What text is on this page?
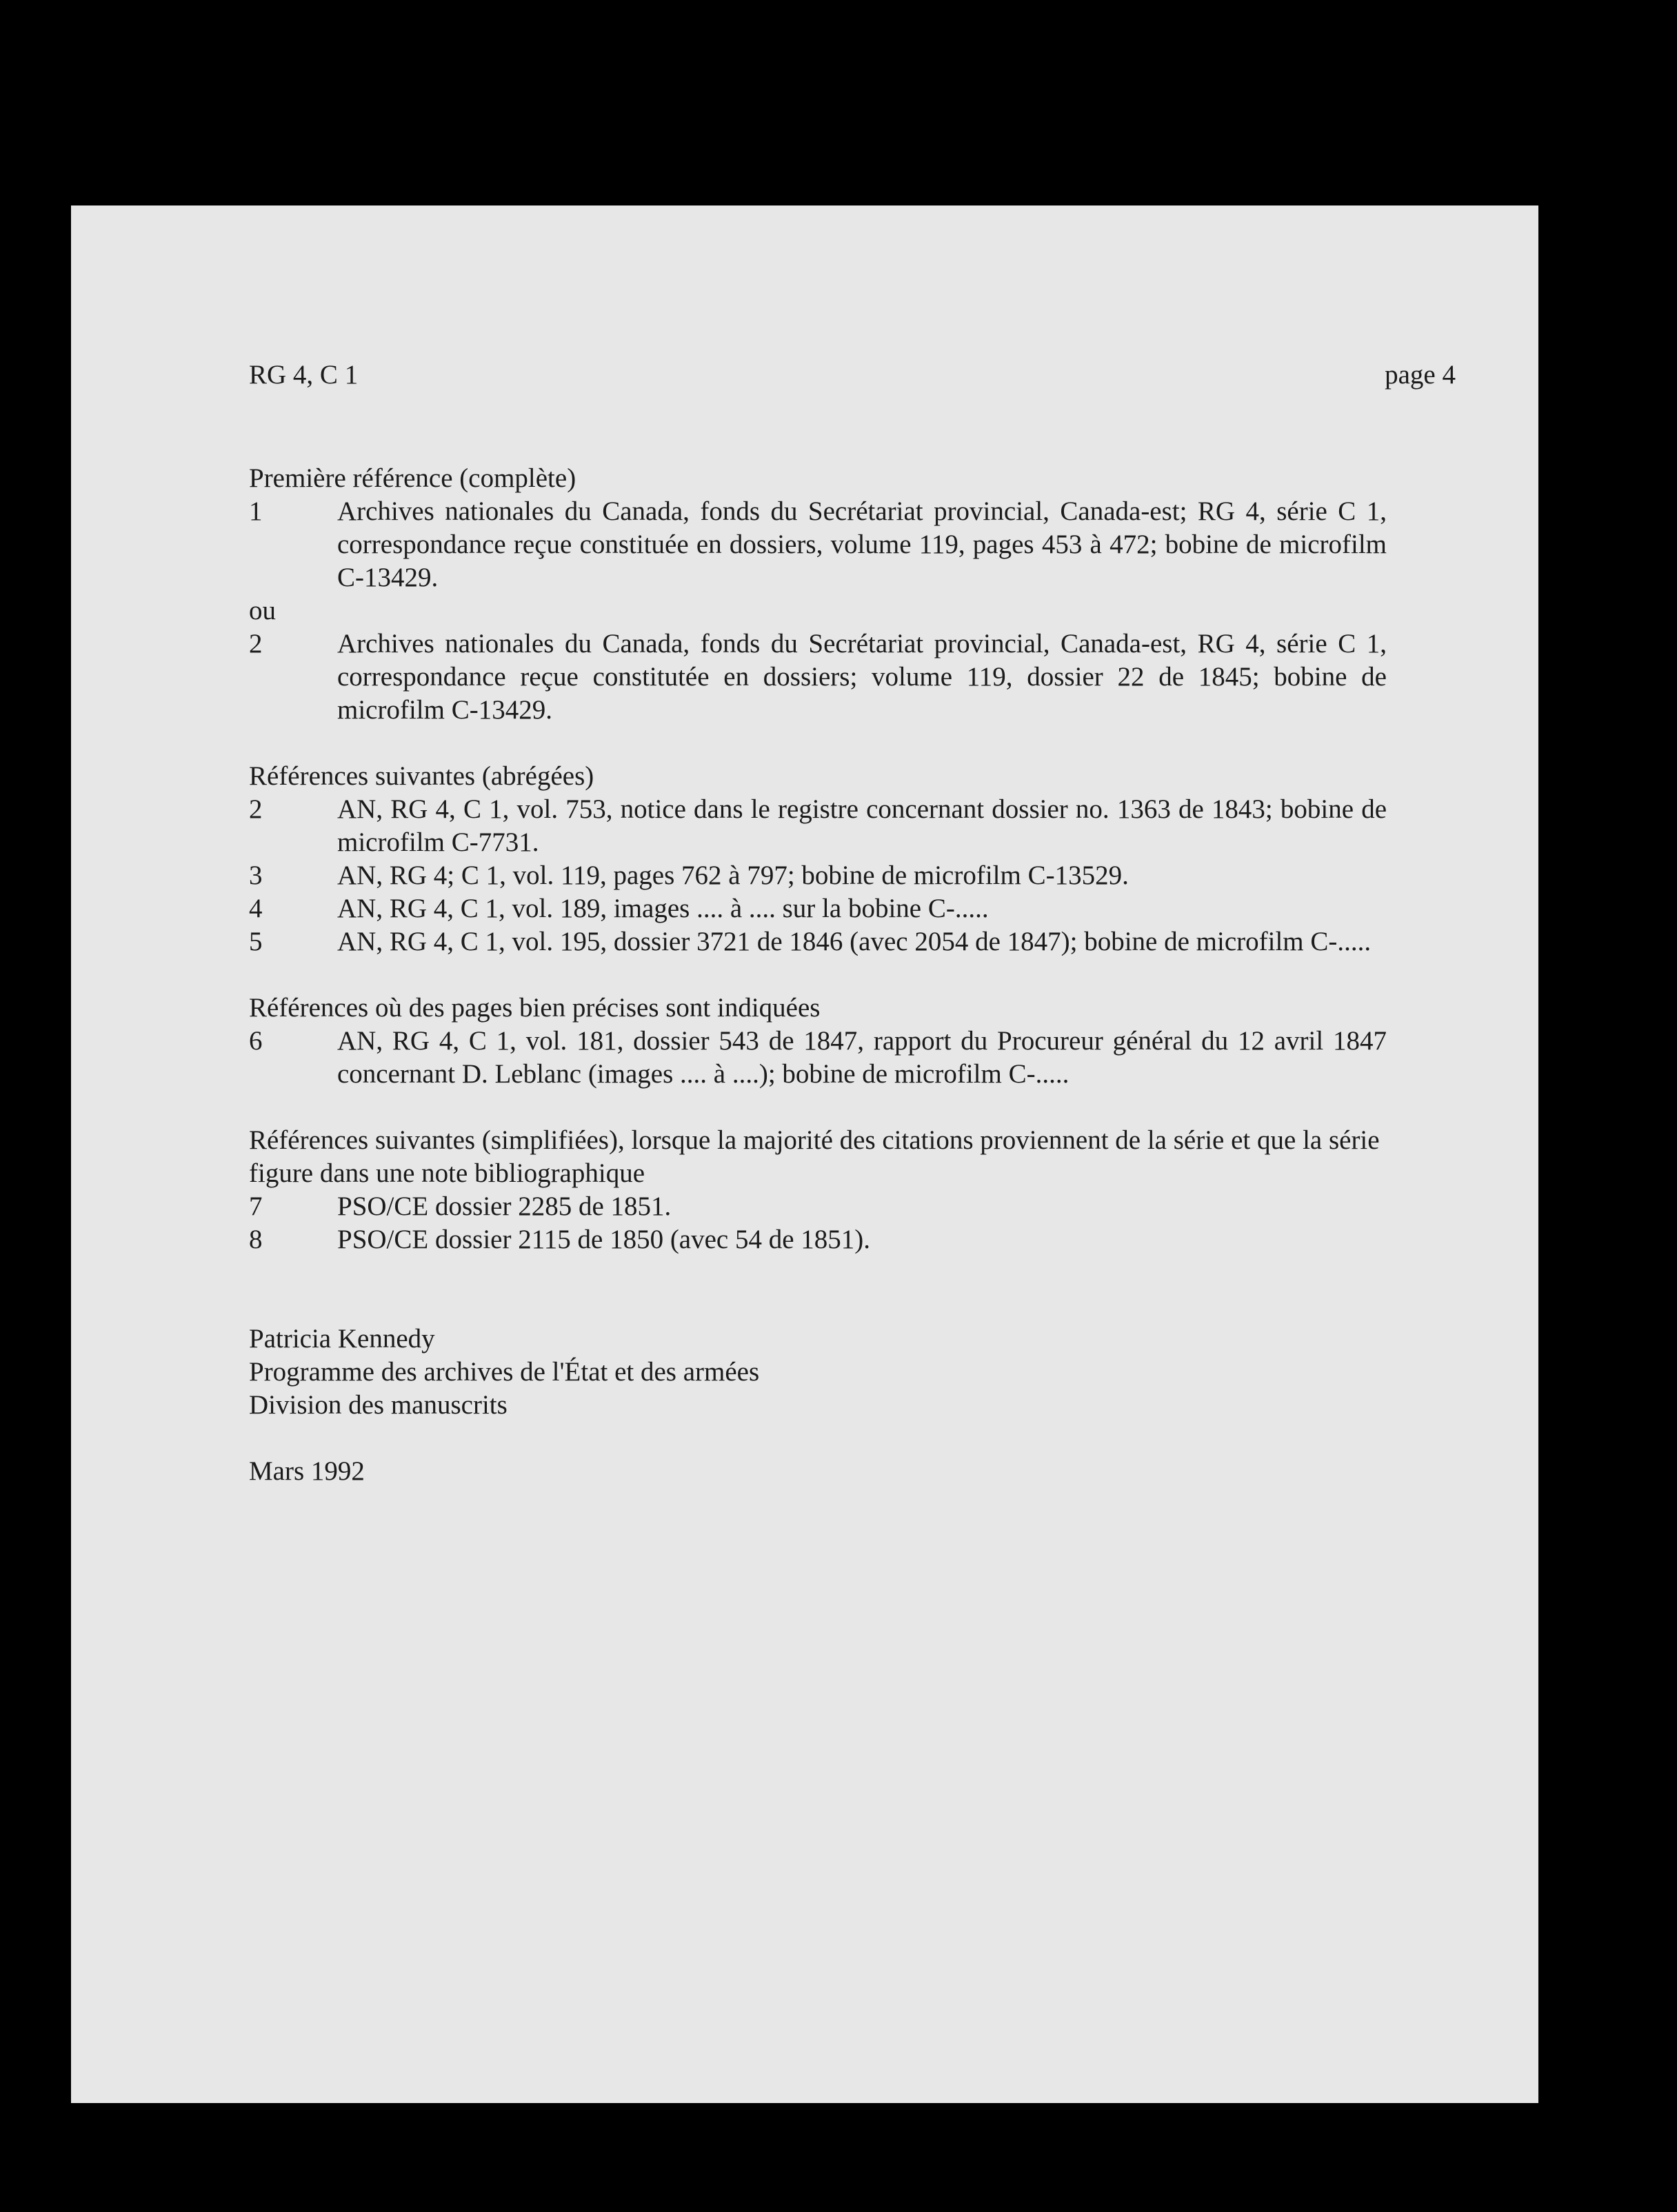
RG 4, C 1	page 4

Première référence (complète)

1	Archives nationales du Canada, fonds du Secrétariat provincial, Canada-est; RG 4, série C 1, correspondance reçue constituée en dossiers, volume 119, pages 453 à 472; bobine de microfilm C-13429.

ou

2	Archives nationales du Canada, fonds du Secrétariat provincial, Canada-est, RG 4, série C 1, correspondance reçue constitutée en dossiers; volume 119, dossier 22 de 1845; bobine de microfilm C-13429.

Références suivantes (abrégées)

2	AN, RG 4, C 1, vol. 753, notice dans le registre concernant dossier no. 1363 de 1843; bobine de microfilm C-7731.
3	AN, RG 4; C 1, vol. 119, pages 762 à 797; bobine de microfilm C-13529.
4	AN, RG 4, C 1, vol. 189, images .... à .... sur la bobine C-.....
5	AN, RG 4, C 1, vol. 195, dossier 3721 de 1846 (avec 2054 de 1847); bobine de microfilm C-.....

Références où des pages bien précises sont indiquées

6	AN, RG 4, C 1, vol. 181, dossier 543 de 1847, rapport du Procureur général du 12 avril 1847 concernant D. Leblanc (images .... à ....); bobine de microfilm C-.....

Références suivantes (simplifiées), lorsque la majorité des citations proviennent de la série et que la série figure dans une note bibliographique

7	PSO/CE dossier 2285 de 1851.
8	PSO/CE dossier 2115 de 1850 (avec 54 de 1851).

Patricia Kennedy

Programme des archives de l'État et des armées

Division des manuscrits

Mars 1992
